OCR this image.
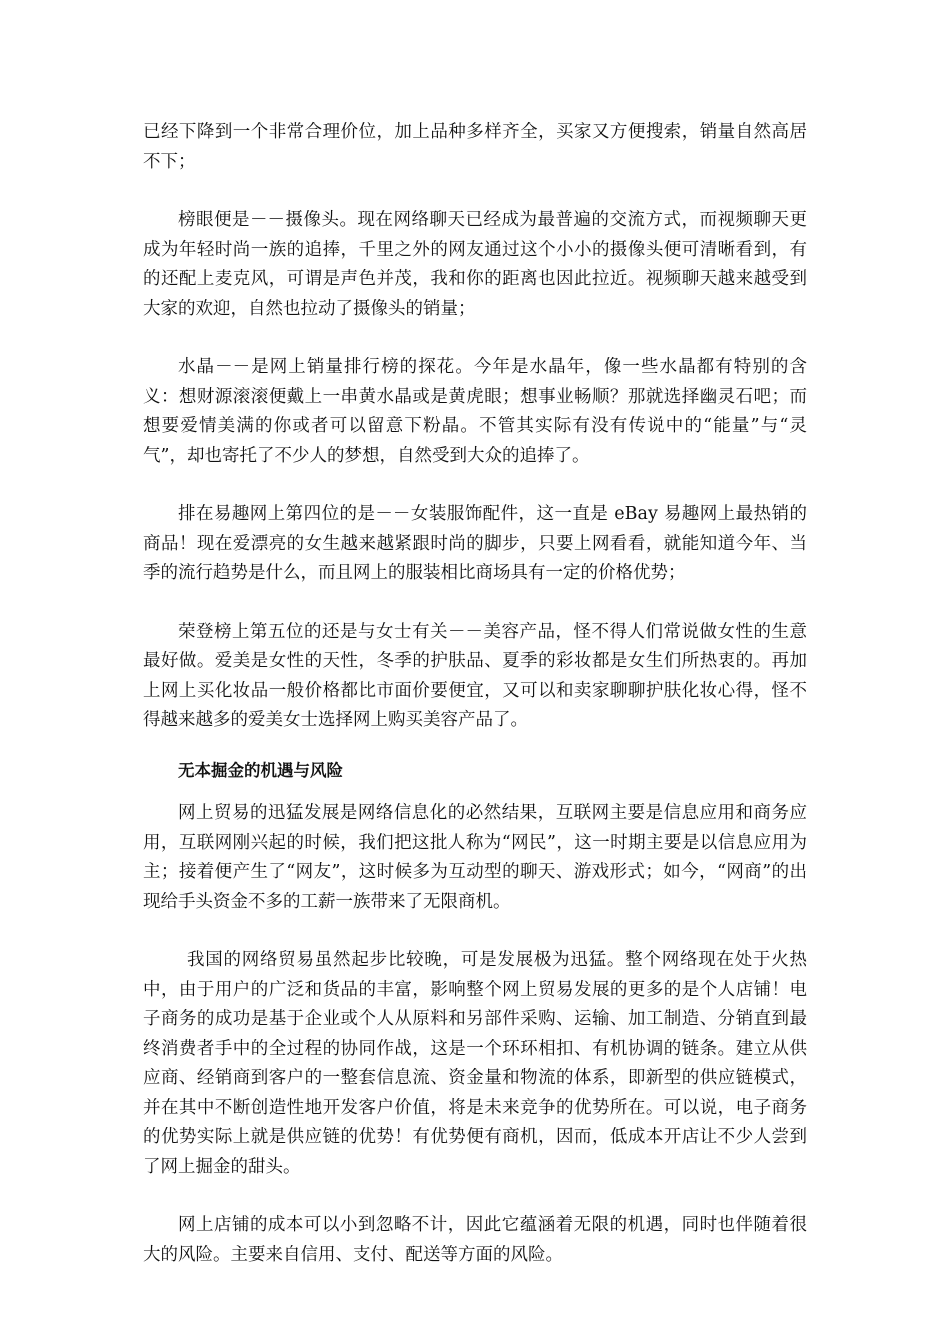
已经下降到一个非常合理价位，加上品种多样齐全，买家又方便搜索，销量自然高居不下；

榜眼便是－－摄像头。现在网络聊天已经成为最普遍的交流方式，而视频聊天更成为年轻时尚一族的追捧，千里之外的网友通过这个小小的摄像头便可清晰看到，有的还配上麦克风，可谓是声色并茂，我和你的距离也因此拉近。视频聊天越来越受到大家的欢迎，自然也拉动了摄像头的销量；

水晶－－是网上销量排行榜的探花。今年是水晶年，像一些水晶都有特别的含义：想财源滚滚便戴上一串黄水晶或是黄虎眼；想事业畅顺？那就选择幽灵石吧；而想要爱情美满的你或者可以留意下粉晶。不管其实际有没有传说中的“能量”与“灵气”，却也寄托了不少人的梦想，自然受到大众的追捧了。

排在易趣网上第四位的是－－女装服饰配件，这一直是 eBay 易趣网上最热销的商品！现在爱漂亮的女生越来越紧跟时尚的脚步，只要上网看看，就能知道今年、当季的流行趋势是什么，而且网上的服装相比商场具有一定的价格优势；

荣登榜上第五位的还是与女士有关－－美容产品，怪不得人们常说做女性的生意最好做。爱美是女性的天性，冬季的护肤品、夏季的彩妆都是女生们所热衷的。再加上网上买化妆品一般价格都比市面价要便宜，又可以和卖家聊聊护肤化妆心得，怪不得越来越多的爱美女士选择网上购买美容产品了。

无本掘金的机遇与风险

网上贸易的迅猛发展是网络信息化的必然结果，互联网主要是信息应用和商务应用，互联网刚兴起的时候，我们把这批人称为“网民”，这一时期主要是以信息应用为主；接着便产生了“网友”，这时候多为互动型的聊天、游戏形式；如今，“网商”的出现给手头资金不多的工薪一族带来了无限商机。

我国的网络贸易虽然起步比较晚，可是发展极为迅猛。整个网络现在处于火热中，由于用户的广泛和货品的丰富，影响整个网上贸易发展的更多的是个人店铺！电子商务的成功是基于企业或个人从原料和另部件采购、运输、加工制造、分销直到最终消费者手中的全过程的协同作战，这是一个环环相扣、有机协调的链条。建立从供应商、经销商到客户的一整套信息流、资金量和物流的体系，即新型的供应链模式，并在其中不断创造性地开发客户价值，将是未来竞争的优势所在。可以说，电子商务的优势实际上就是供应链的优势！有优势便有商机，因而，低成本开店让不少人尝到了网上掘金的甜头。

网上店铺的成本可以小到忽略不计，因此它蕴涵着无限的机遇，同时也伴随着很大的风险。主要来自信用、支付、配送等方面的风险。
